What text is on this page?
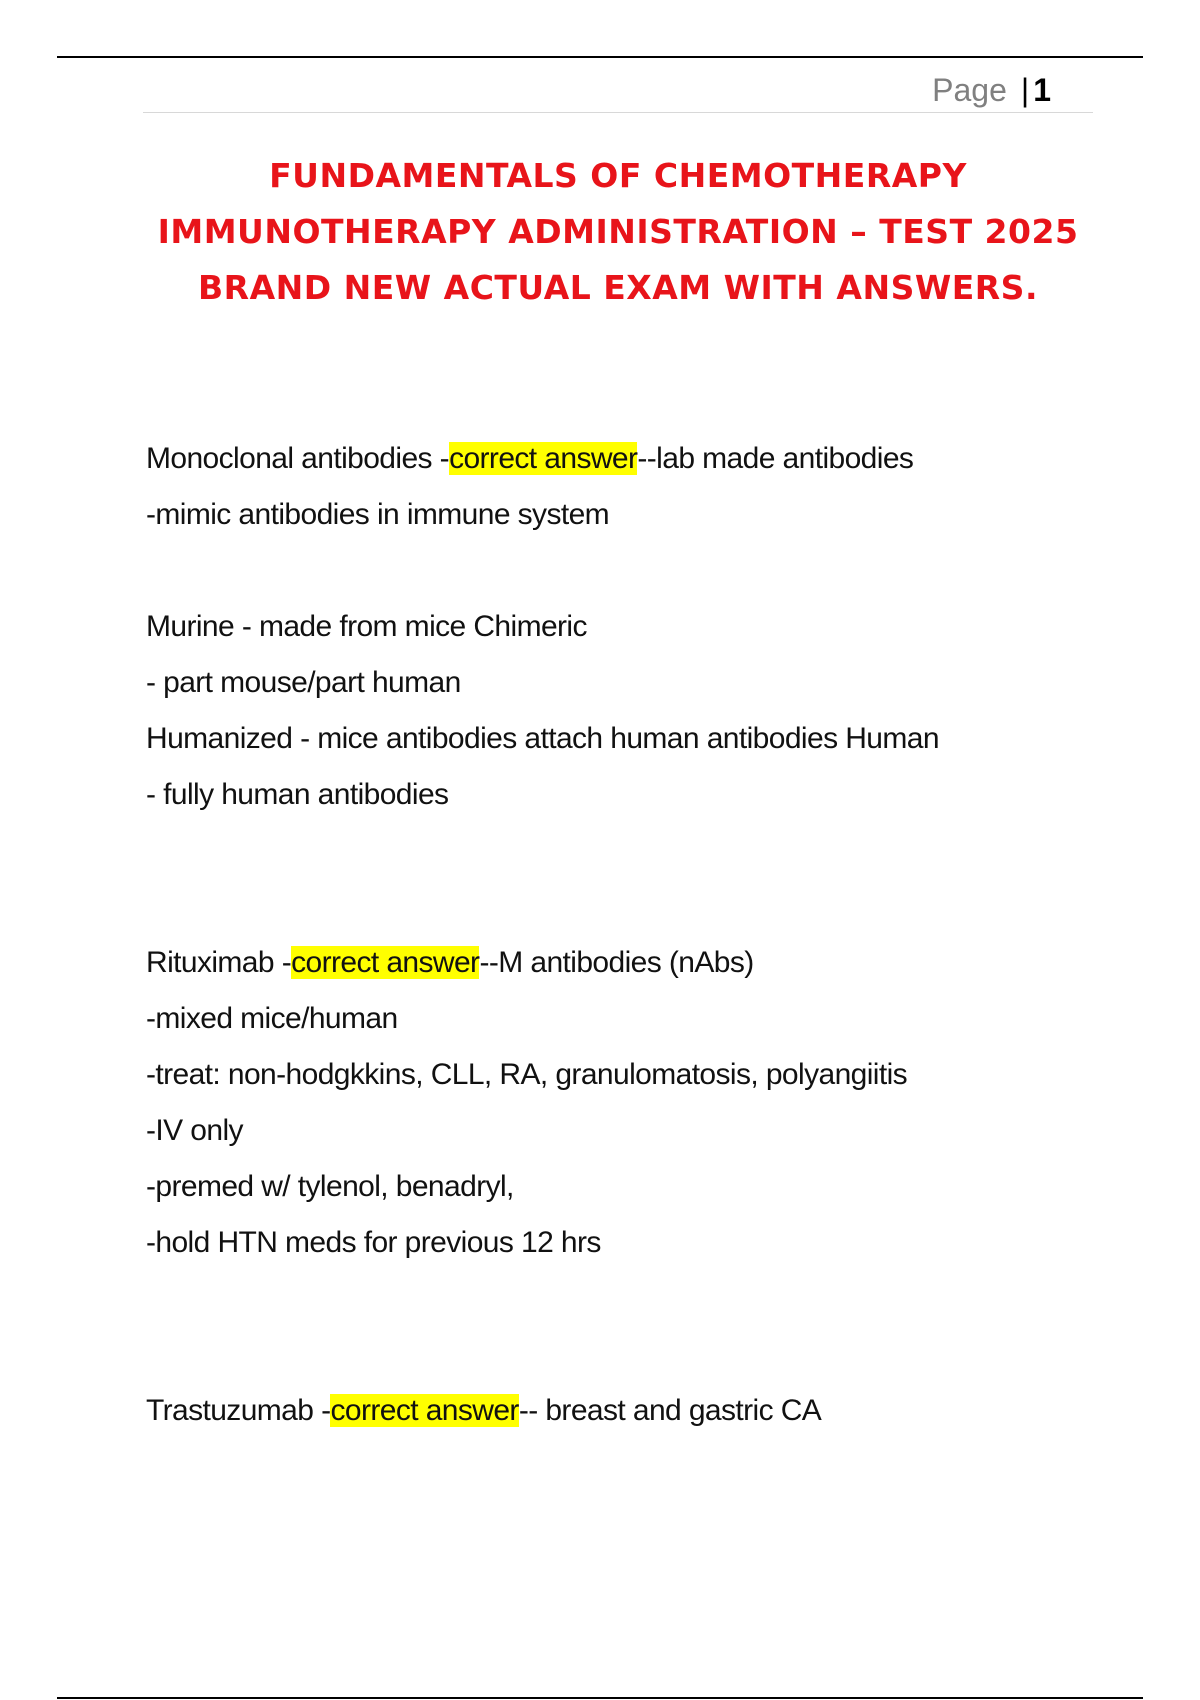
Page | 1
FUNDAMENTALS OF CHEMOTHERAPY IMMUNOTHERAPY ADMINISTRATION – TEST 2025 BRAND NEW ACTUAL EXAM WITH ANSWERS.

Monoclonal antibodies -correct answer--lab made antibodies

-mimic antibodies in immune system

Murine - made from mice Chimeric

- part mouse/part human

Humanized - mice antibodies attach human antibodies Human

- fully human antibodies

Rituximab -correct answer--M antibodies (nAbs)

-mixed mice/human

-treat: non-hodgkkins, CLL, RA, granulomatosis, polyangiitis

-IV only

-premed w/ tylenol, benadryl,

-hold HTN meds for previous 12 hrs

Trastuzumab -correct answer-- breast and gastric CA
